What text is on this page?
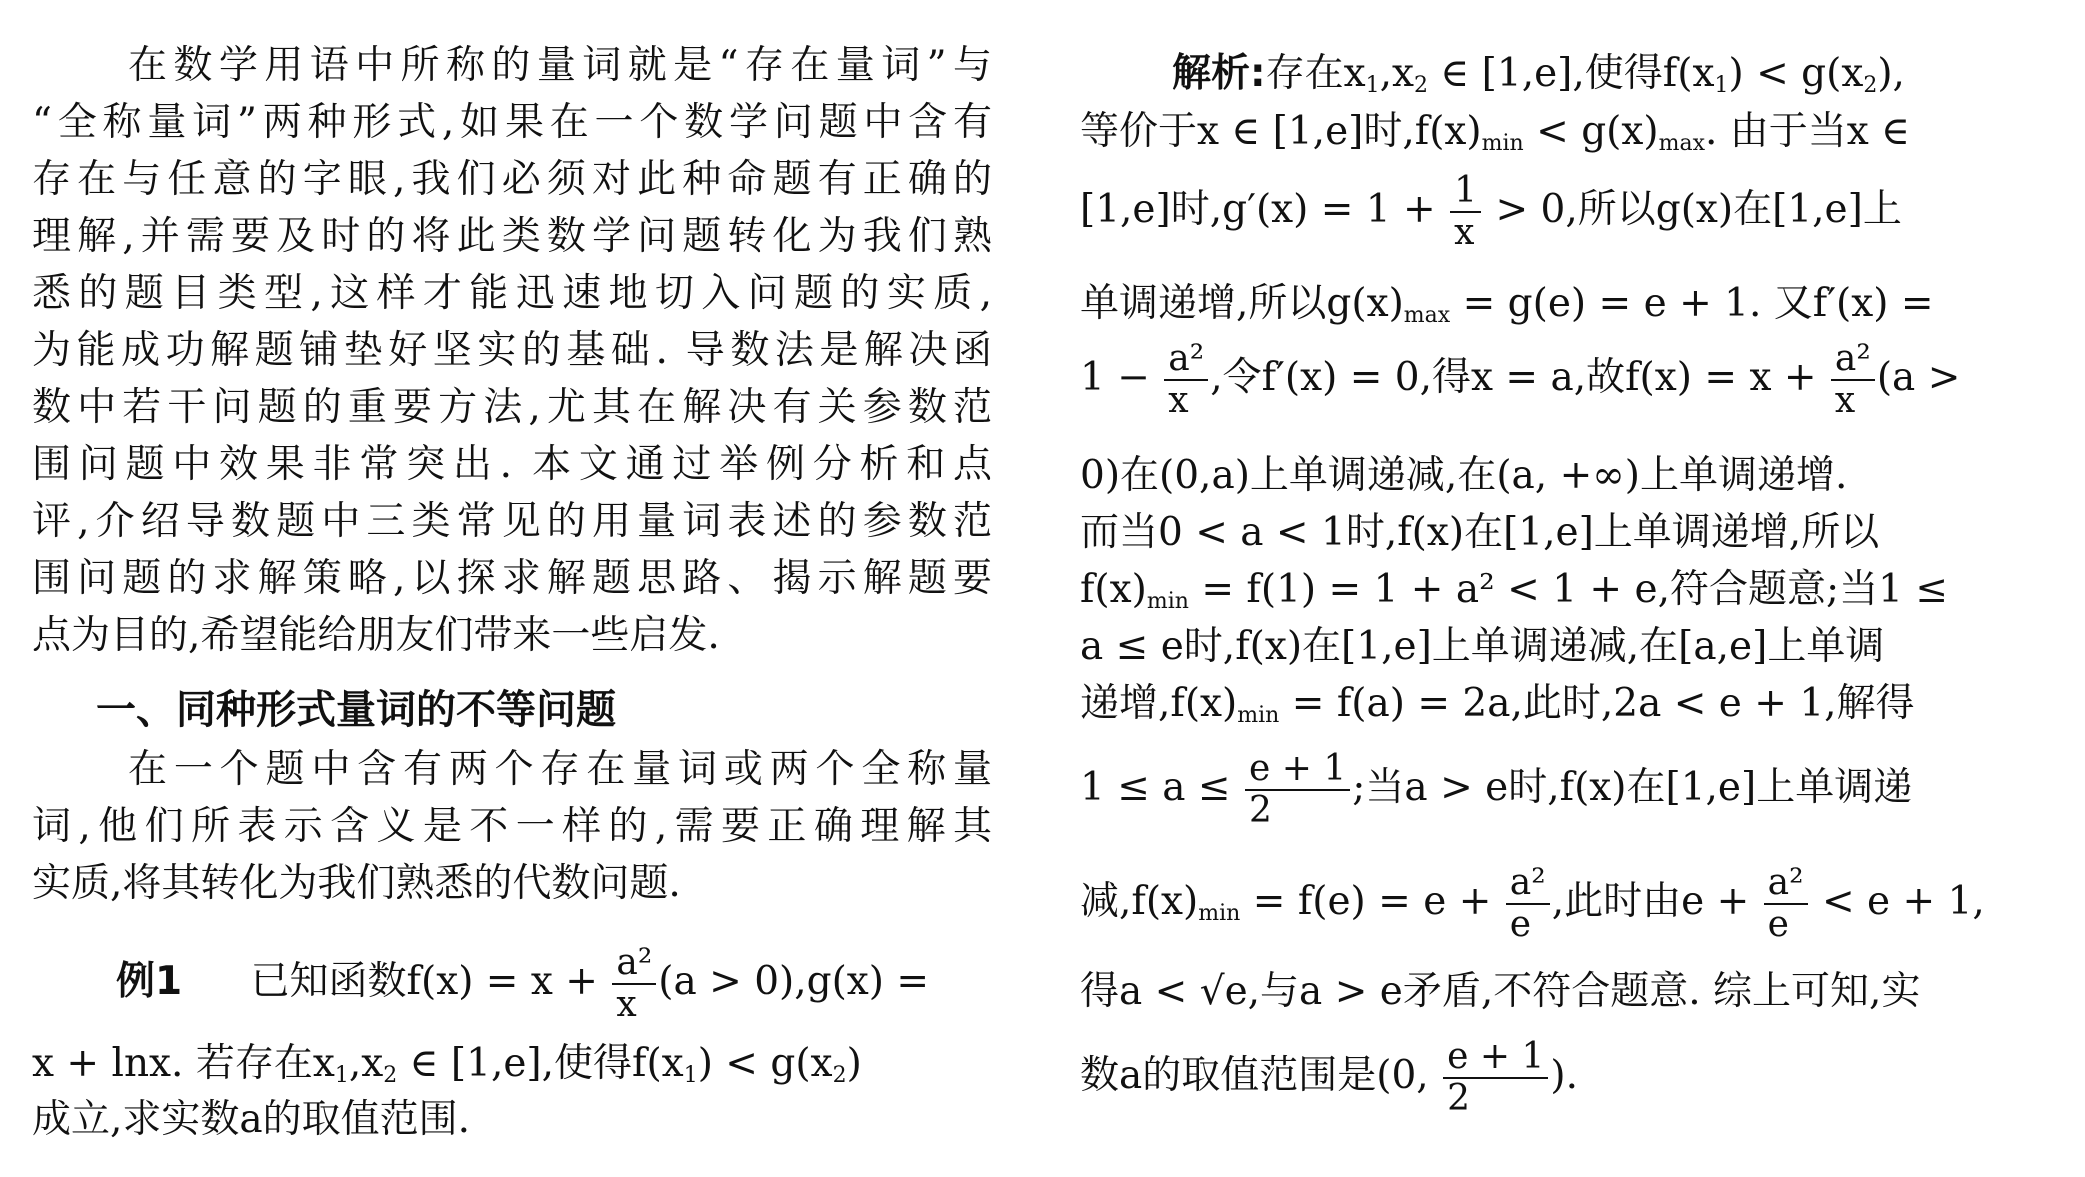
在数学用语中所称的量词就是“存在量词”与
“全称量词”两种形式,如果在一个数学问题中含有
存在与任意的字眼,我们必须对此种命题有正确的
理解,并需要及时的将此类数学问题转化为我们熟
悉的题目类型,这样才能迅速地切入问题的实质,
为能成功解题铺垫好坚实的基础. 导数法是解决函
数中若干问题的重要方法,尤其在解决有关参数范
围问题中效果非常突出. 本文通过举例分析和点
评,介绍导数题中三类常见的用量词表述的参数范
围问题的求解策略,以探求解题思路、揭示解题要
点为目的,希望能给朋友们带来一些启发.
一、同种形式量词的不等问题
在一个题中含有两个存在量词或两个全称量
词,他们所表示含义是不一样的,需要正确理解其
实质,将其转化为我们熟悉的代数问题.
例1 已知函数$f(x) = x + \frac{\text{a²}}{x} (a > 0),g(x)$ =
x + lnx. 若存在$x_1,x_2$ ∈ [1,e],使得$f(x_1) < g(x_2)$
成立,求实数a的取值范围.
解析:存在$x_1,x_2$ ∈ [1,e],使得$f(x_1) < g(x_2)$,
等价于x ∈ [1,e]时$,f(x)_{min} < g(x)_{max}$. 由于当x ∈
[1,e]时$,g'(x) = 1 + \frac{1}{x} > 0$,所以g(x)在[1,e]上
单调递增,所以$g(x)_{max} = g(e) = e + 1$. 又f′(x) =
$1 - \frac{\text{a²}}{x}$ ,令f′(x) = 0,得x = a,故$f(x) = x + \frac{\text{a²}}{x} (a$ >
0)在(0,a)上单调递减,在(a, +∞)上单调递增.
而当0 < a < 1时,f(x)在[1,e]上单调递增,所以
$f(x)_{min} = f(1) = 1 + a^2 < 1 + e$,符合题意;当1 ≤
a ≤ e时,f(x)在[1,e]上单调递减,在[a,e]上单调
递增$,f(x)_{min} = f(a) = 2a$,此时,2a < e + 1,解得
$1 \le a \le \frac{e + 1}{2}$ ;当a > e时,f(x)在[1,e]上单调递
减$,f(x)_{min} = f(e) = e + \frac{\text{a²}}{e}$ ,此时由$e + \frac{\text{a²}}{e} < e + 1$,
得a < √e,与a > e矛盾,不符合题意. 综上可知,实
数a的取值范围是(0, $\frac{e + 1}{2}$ ).
